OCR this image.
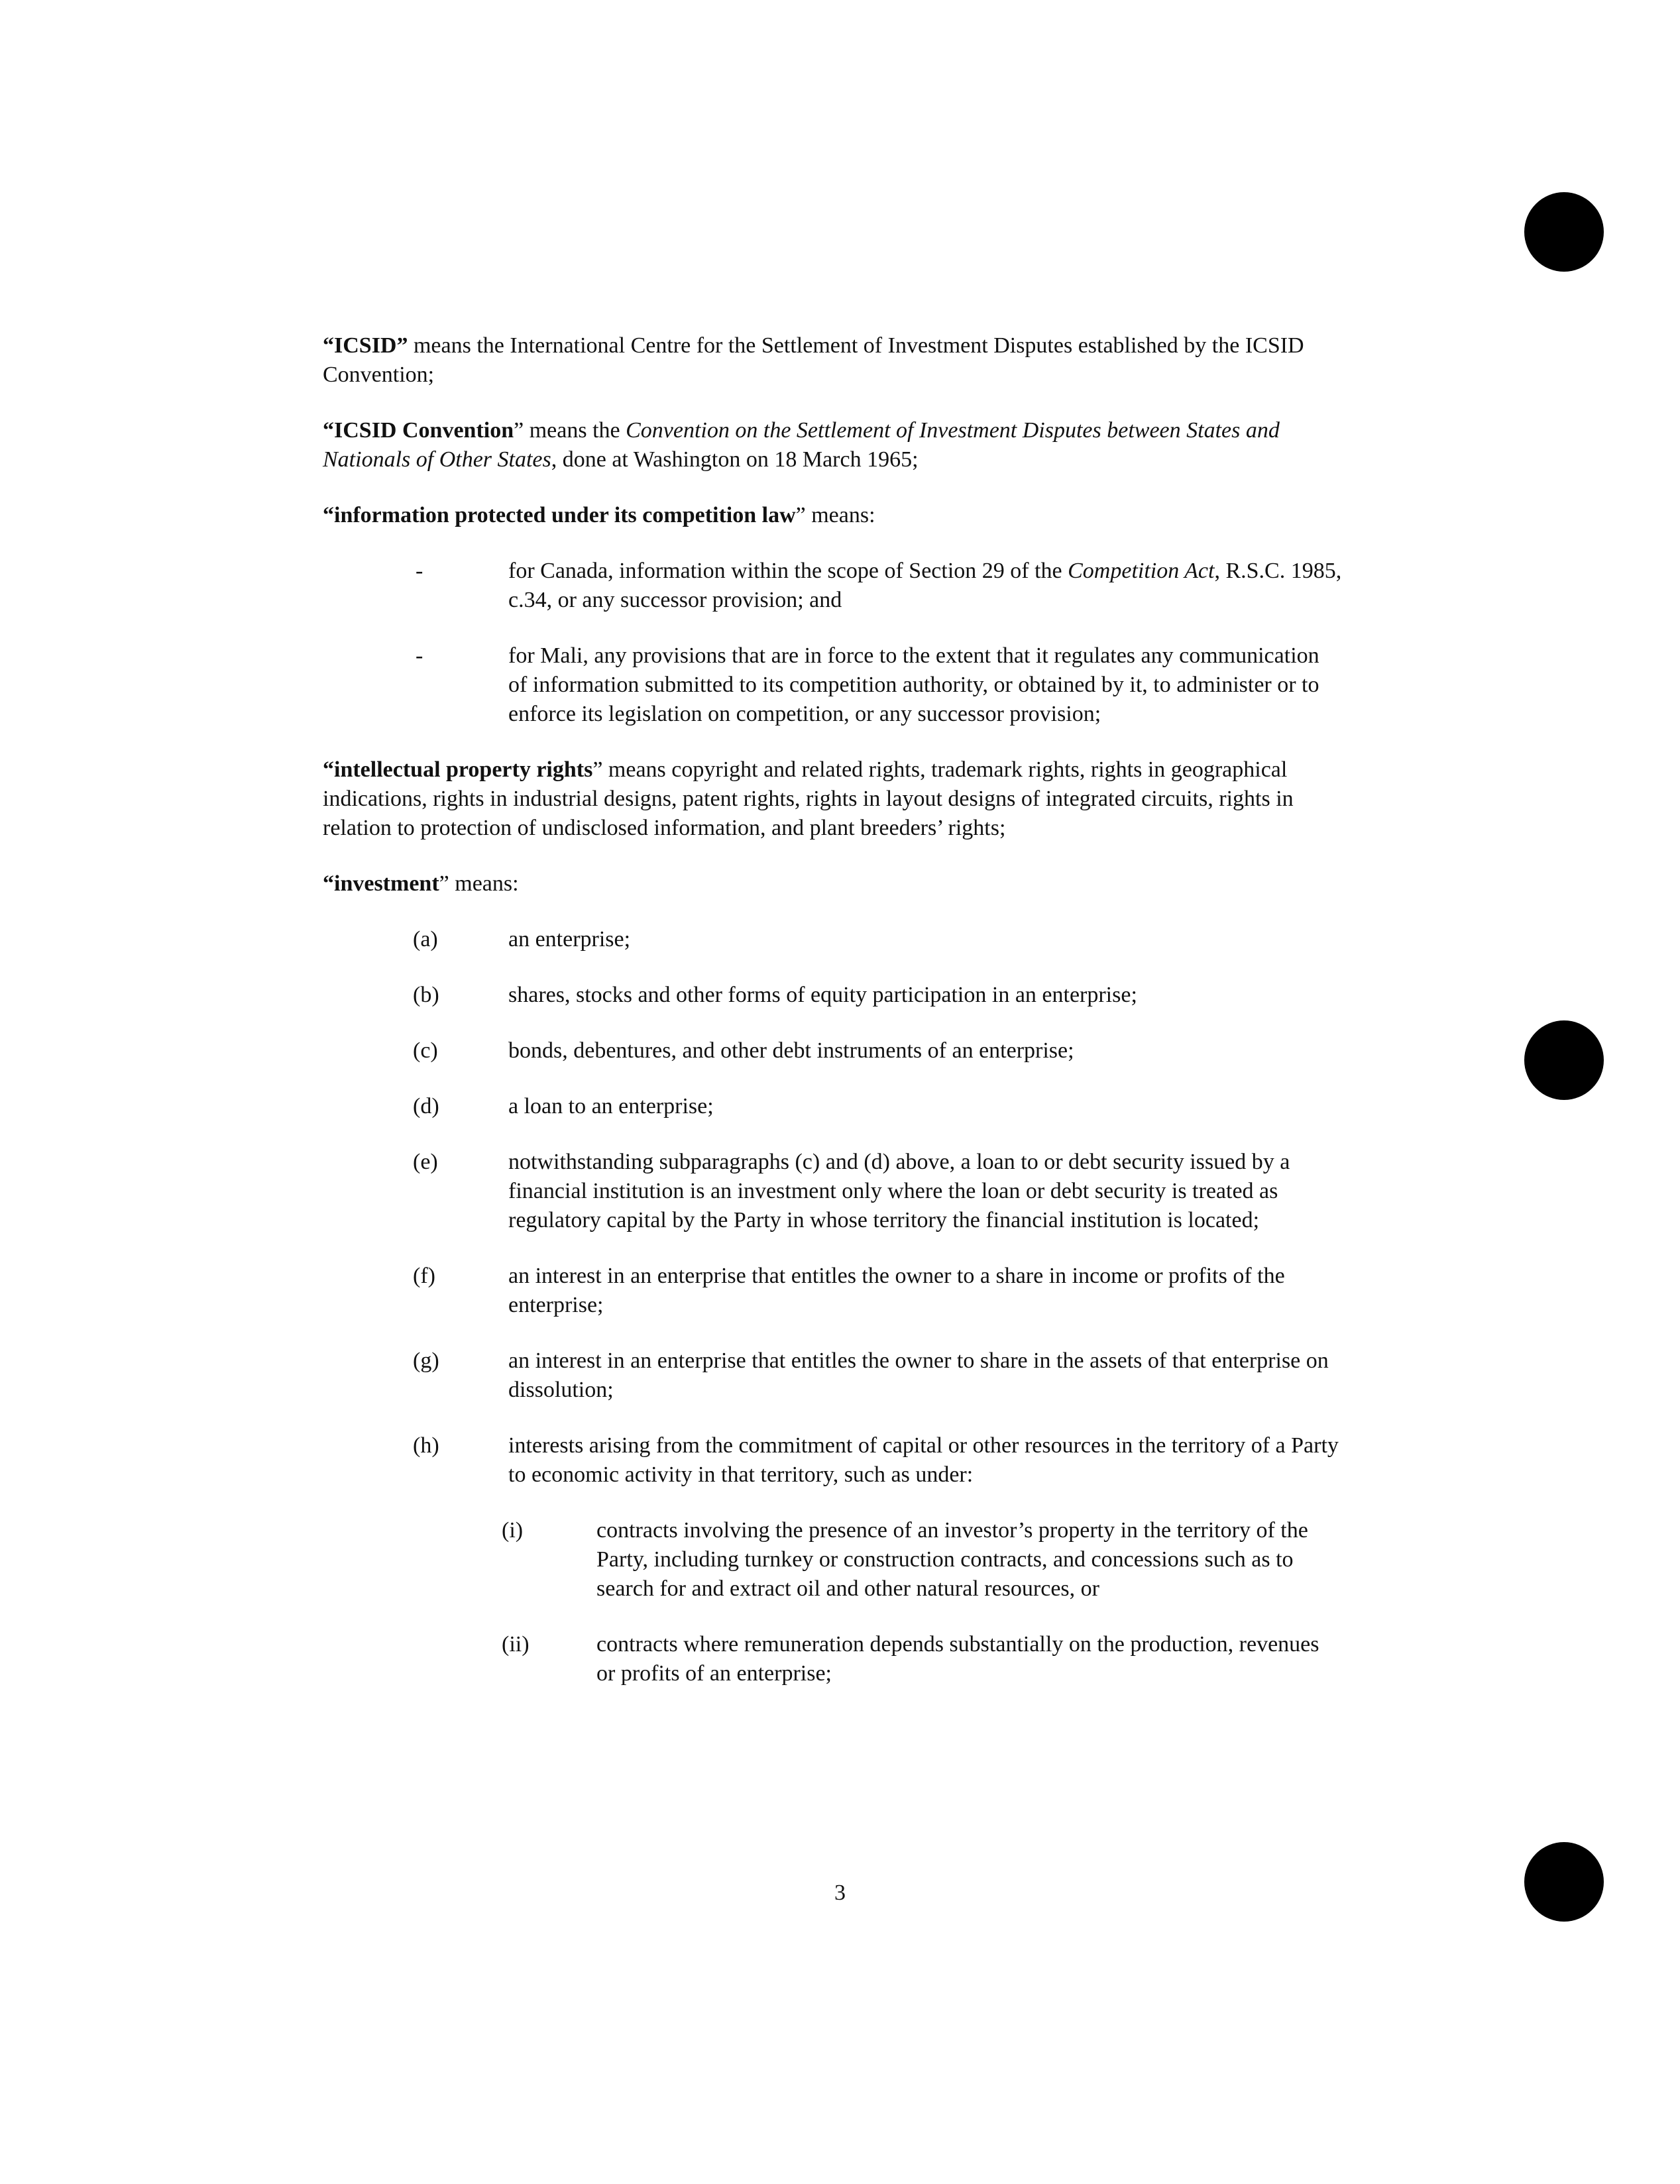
“ICSID” means the International Centre for the Settlement of Investment Disputes established by the ICSID Convention;

“ICSID Convention” means the Convention on the Settlement of Investment Disputes between States and Nationals of Other States, done at Washington on 18 March 1965;

“information protected under its competition law” means:

-	for Canada, information within the scope of Section 29 of the Competition Act, R.S.C. 1985, c.34, or any successor provision; and
-	for Mali, any provisions that are in force to the extent that it regulates any communication of information submitted to its competition authority, or obtained by it, to administer or to enforce its legislation on competition, or any successor provision;

“intellectual property rights” means copyright and related rights, trademark rights, rights in geographical indications, rights in industrial designs, patent rights, rights in layout designs of integrated circuits, rights in relation to protection of undisclosed information, and plant breeders’ rights;

“investment” means:

(a)	an enterprise;
(b)	shares, stocks and other forms of equity participation in an enterprise;
(c)	bonds, debentures, and other debt instruments of an enterprise;
(d)	a loan to an enterprise;
(e)	notwithstanding subparagraphs (c) and (d) above, a loan to or debt security issued by a financial institution is an investment only where the loan or debt security is treated as regulatory capital by the Party in whose territory the financial institution is located;
(f)	an interest in an enterprise that entitles the owner to a share in income or profits of the enterprise;
(g)	an interest in an enterprise that entitles the owner to share in the assets of that enterprise on dissolution;
(h)	interests arising from the commitment of capital or other resources in the territory of a Party to economic activity in that territory, such as under:
(i)	contracts involving the presence of an investor’s property in the territory of the Party, including turnkey or construction contracts, and concessions such as to search for and extract oil and other natural resources, or
(ii)	contracts where remuneration depends substantially on the production, revenues or profits of an enterprise;
3
